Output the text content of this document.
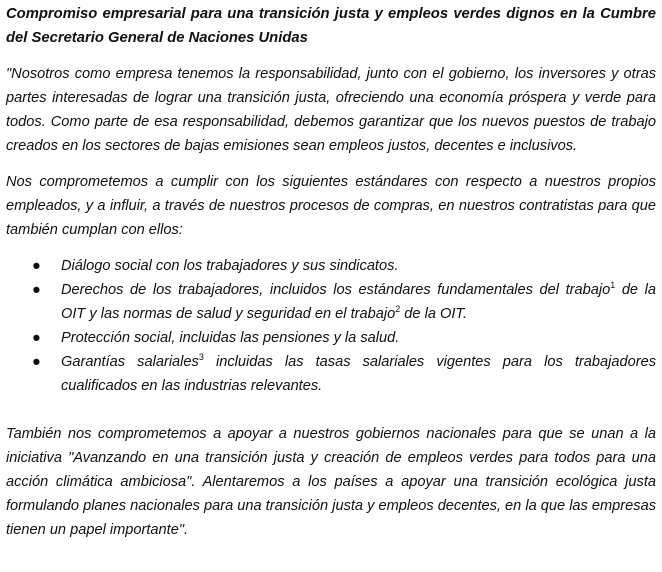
Compromiso empresarial para una transición justa y empleos verdes dignos en la Cumbre del Secretario General de Naciones Unidas

"Nosotros como empresa tenemos la responsabilidad, junto con el gobierno, los inversores y otras partes interesadas de lograr una transición justa, ofreciendo una economía próspera y verde para todos. Como parte de esa responsabilidad, debemos garantizar que los nuevos puestos de trabajo creados en los sectores de bajas emisiones sean empleos justos, decentes e inclusivos.

Nos comprometemos a cumplir con los siguientes estándares con respecto a nuestros propios empleados, y a influir, a través de nuestros procesos de compras, en nuestros contratistas para que también cumplan con ellos:

● Diálogo social con los trabajadores y sus sindicatos.
● Derechos de los trabajadores, incluidos los estándares fundamentales del trabajo$^1$ de la OIT y las normas de salud y seguridad en el trabajo$^2$ de la OIT.
● Protección social, incluidas las pensiones y la salud.
● Garantías salariales$^3$ incluidas las tasas salariales vigentes para los trabajadores cualificados en las industrias relevantes.

También nos comprometemos a apoyar a nuestros gobiernos nacionales para que se unan a la iniciativa "Avanzando en una transición justa y creación de empleos verdes para todos para una acción climática ambiciosa". Alentaremos a los países a apoyar una transición ecológica justa formulando planes nacionales para una transición justa y empleos decentes, en la que las empresas tienen un papel importante".
